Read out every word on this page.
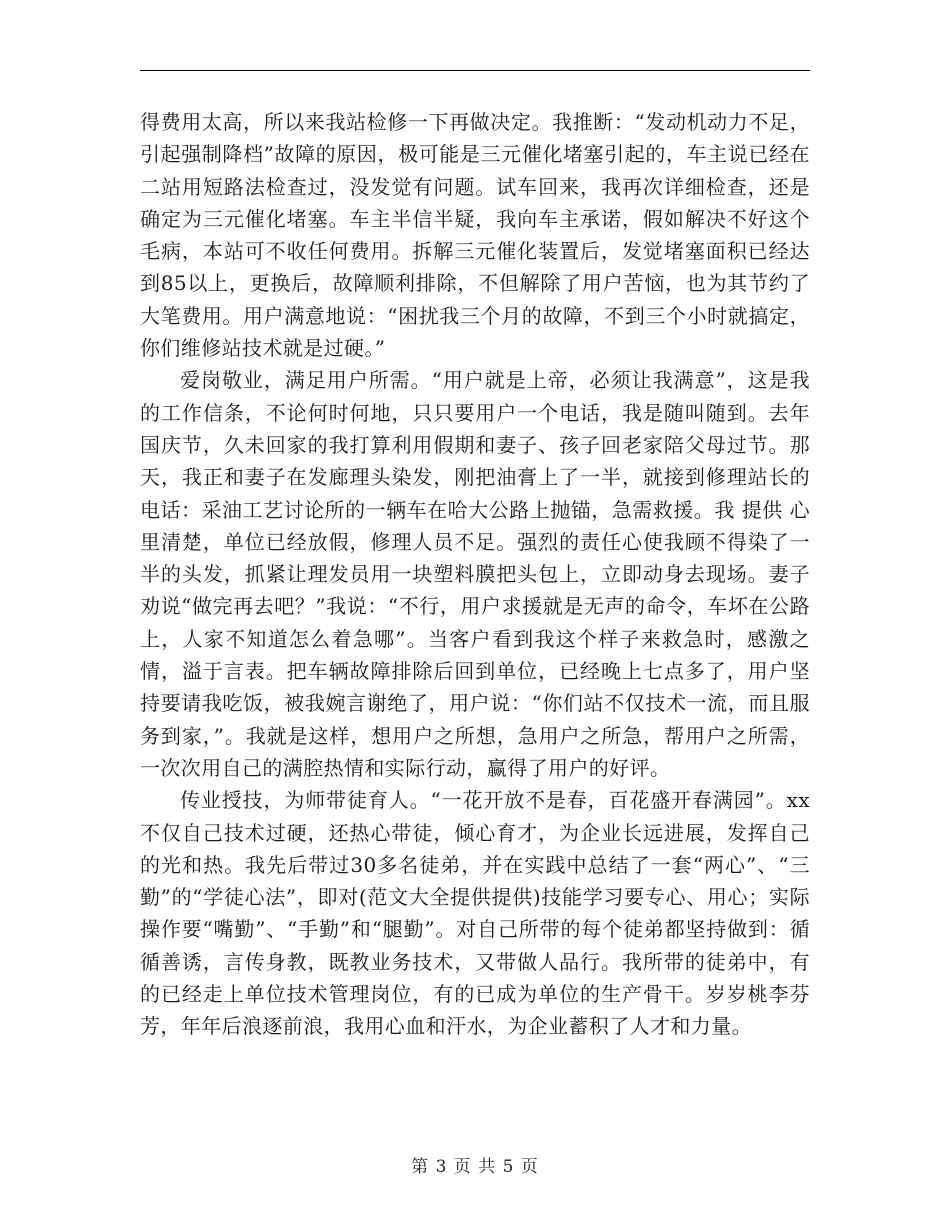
得费用太高，所以来我站检修一下再做决定。我推断：“发动机动力不足，引起强制降档”故障的原因，极可能是三元催化堵塞引起的，车主说已经在二站用短路法检查过，没发觉有问题。试车回来，我再次详细检查，还是确定为三元催化堵塞。车主半信半疑，我向车主承诺，假如解决不好这个毛病，本站可不收任何费用。拆解三元催化装置后，发觉堵塞面积已经达到85以上，更换后，故障顺利排除，不但解除了用户苦恼，也为其节约了大笔费用。用户满意地说：“困扰我三个月的故障，不到三个小时就搞定，你们维修站技术就是过硬。”

爱岗敬业，满足用户所需。“用户就是上帝，必须让我满意”，这是我的工作信条，不论何时何地，只只要用户一个电话，我是随叫随到。去年国庆节，久未回家的我打算利用假期和妻子、孩子回老家陪父母过节。那天，我正和妻子在发廊理头染发，刚把油膏上了一半，就接到修理站长的电话：采油工艺讨论所的一辆车在哈大公路上抛锚，急需救援。我 提供 心里清楚，单位已经放假，修理人员不足。强烈的责任心使我顾不得染了一半的头发，抓紧让理发员用一块塑料膜把头包上，立即动身去现场。妻子劝说“做完再去吧？”我说：“不行，用户求援就是无声的命令，车坏在公路上，人家不知道怎么着急哪”。当客户看到我这个样子来救急时，感激之情，溢于言表。把车辆故障排除后回到单位，已经晚上七点多了，用户坚持要请我吃饭，被我婉言谢绝了，用户说：“你们站不仅技术一流，而且服务到家，”。我就是这样，想用户之所想，急用户之所急，帮用户之所需，一次次用自己的满腔热情和实际行动，赢得了用户的好评。

传业授技，为师带徒育人。“一花开放不是春，百花盛开春满园”。xx不仅自己技术过硬，还热心带徒，倾心育才，为企业长远进展，发挥自己的光和热。我先后带过30多名徒弟，并在实践中总结了一套“两心”、“三勤”的“学徒心法”，即对(范文大全提供提供)技能学习要专心、用心；实际操作要“嘴勤”、“手勤”和“腿勤”。对自己所带的每个徒弟都坚持做到：循循善诱，言传身教，既教业务技术，又带做人品行。我所带的徒弟中，有的已经走上单位技术管理岗位，有的已成为单位的生产骨干。岁岁桃李芬芳，年年后浪逐前浪，我用心血和汗水，为企业蓄积了人才和力量。

第 3 页 共 5 页
